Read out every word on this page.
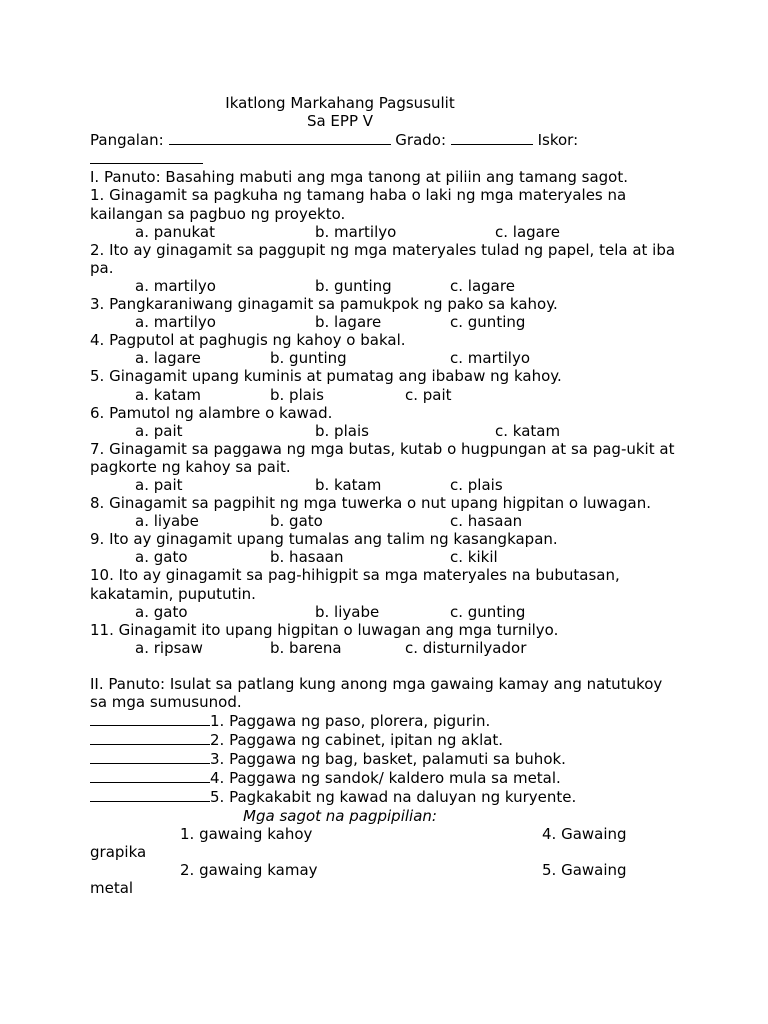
Ikatlong Markahang Pagsusulit
Sa EPP V
Pangalan:	Grado:	Iskor:
I. Panuto: Basahing mabuti ang mga tanong at piliin ang tamang sagot.
1. Ginagamit sa pagkuha ng tamang haba o laki ng mga materyales na kailangan sa pagbuo ng proyekto.
a. panukat	b. martilyo	c. lagare
2. Ito ay ginagamit sa paggupit ng mga materyales tulad ng papel, tela at iba pa.
a. martilyo	b. gunting	c. lagare
3. Pangkaraniwang ginagamit sa pamukpok ng pako sa kahoy.
a. martilyo	b. lagare	c. gunting
4. Pagputol at paghugis ng kahoy o bakal.
a. lagare	b. gunting	c. martilyo
5. Ginagamit upang kuminis at pumatag ang ibabaw ng kahoy.
a. katam	b. plais	c. pait
6. Pamutol ng alambre o kawad.
a. pait	b. plais	c. katam
7. Ginagamit sa paggawa ng mga butas, kutab o hugpungan at sa pag-ukit at pagkorte ng kahoy sa pait.
a. pait	b. katam	c. plais
8. Ginagamit sa pagpihit ng mga tuwerka o nut upang higpitan o luwagan.
a. liyabe	b. gato	c. hasaan
9. Ito ay ginagamit upang tumalas ang talim ng kasangkapan.
a. gato	b. hasaan	c. kikil
10. Ito ay ginagamit sa pag-hihigpit sa mga materyales na bubutasan, kakatamin, pupututin.
a. gato	b. liyabe	c. gunting
11. Ginagamit ito upang higpitan o luwagan ang mga turnilyo.
a. ripsaw	b. barena	c. disturnilyador
II. Panuto: Isulat sa patlang kung anong mga gawaing kamay ang natutukoy sa mga sumusunod.
1. Paggawa ng paso, plorera, pigurin.
2. Paggawa ng cabinet, ipitan ng aklat.
3. Paggawa ng bag, basket, palamuti sa buhok.
4. Paggawa ng sandok/ kaldero mula sa metal.
5. Pagkakabit ng kawad na daluyan ng kuryente.
Mga sagot na pagpipilian:
1. gawaing kahoy	4. Gawaing
grapika
2. gawaing kamay	5. Gawaing
metal
